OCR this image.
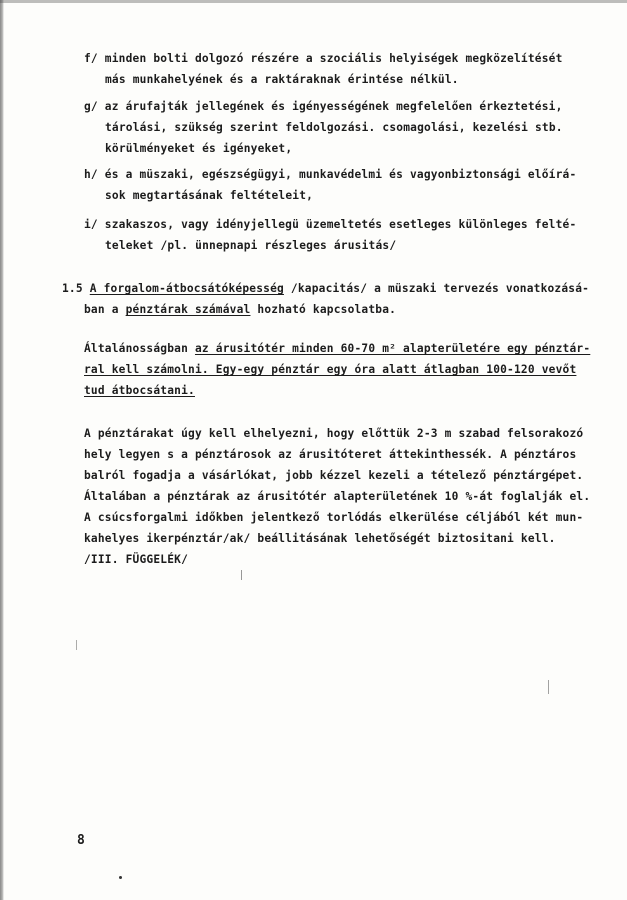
f/ minden bolti dolgozó részére a szociális helyiségek megközelítését
más munkahelyének és a raktáraknak érintése nélkül.
g/ az árufajták jellegének és igényességének megfelelően érkeztetési,
tárolási, szükség szerint feldolgozási. csomagolási, kezelési stb.
körülményeket és igényeket,
h/ és a müszaki, egészségügyi, munkavédelmi és vagyonbiztonsági előírá-
sok megtartásának feltételeit,
i/ szakaszos, vagy idényjellegü üzemeltetés esetleges különleges felté-
teleket /pl. ünnepnapi részleges árusitás/
1.5 A forgalom-átbocsátóképesség /kapacitás/ a müszaki tervezés vonatkozásá-
ban a pénztárak számával hozható kapcsolatba.
Általánosságban az árusitótér minden 60-70 m² alapterületére egy pénztár-
ral kell számolni. Egy-egy pénztár egy óra alatt átlagban 100-120 vevőt
tud átbocsátani.
A pénztárakat úgy kell elhelyezni, hogy előttük 2-3 m szabad felsorakozó
hely legyen s a pénztárosok az árusitóteret áttekinthessék. A pénztáros
balról fogadja a vásárlókat, jobb kézzel kezeli a tételező pénztárgépet.
Általában a pénztárak az árusitótér alapterületének 10 %-át foglalják el.
A csúcsforgalmi időkben jelentkező torlódás elkerülése céljából két mun-
kahelyes ikerpénztár/ak/ beállitásának lehetőségét biztositani kell.
/III. FÜGGELÉK/
8
